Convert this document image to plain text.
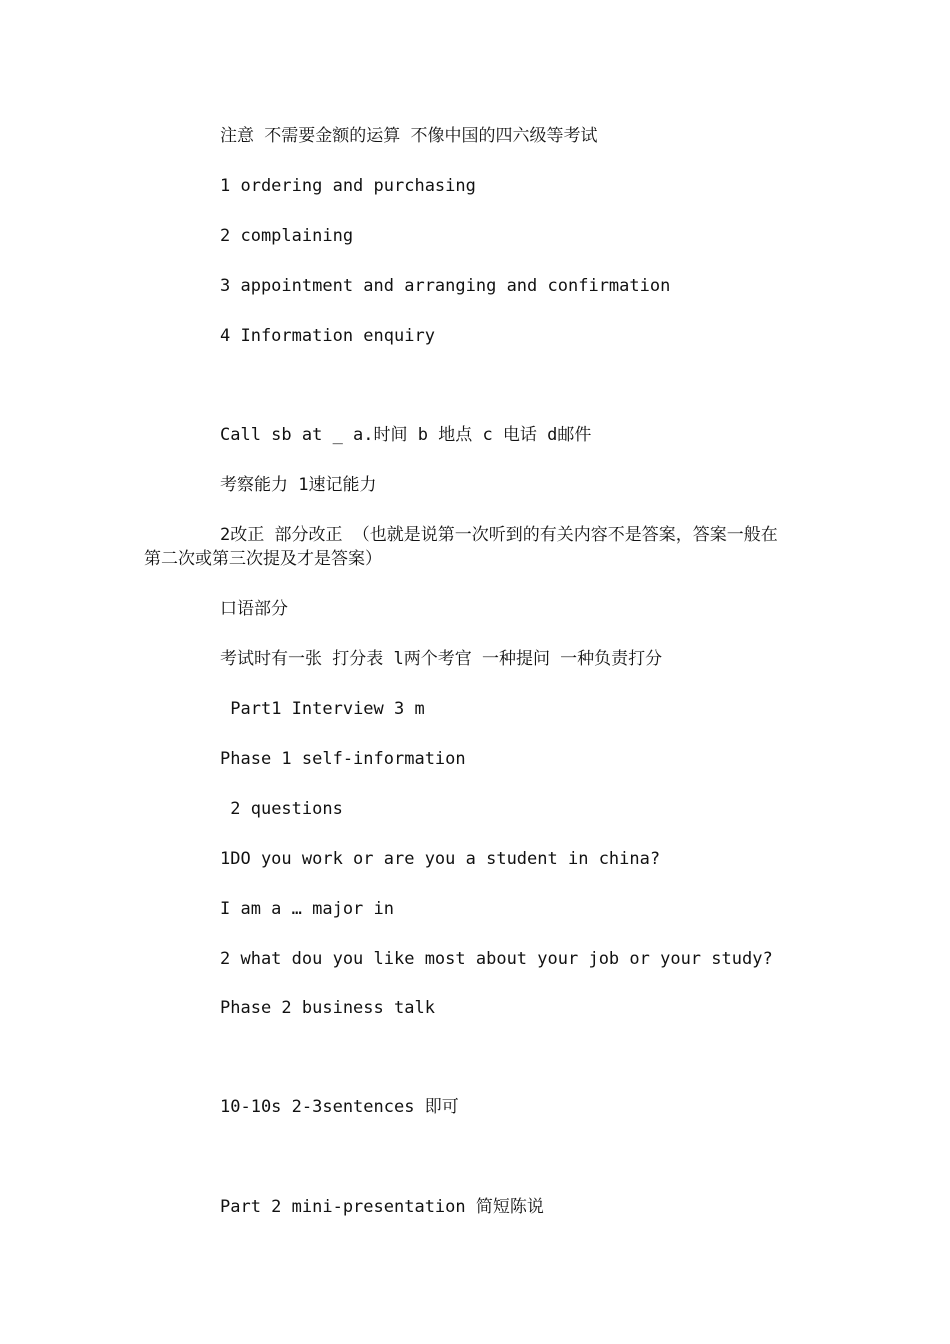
注意 不需要金额的运算 不像中国的四六级等考试

1 ordering and purchasing

2 complaining

3 appointment and arranging and confirmation

4 Information enquiry

Call sb at _ a.时间 b 地点 c 电话 d邮件

考察能力 1速记能力

2改正 部分改正 （也就是说第一次听到的有关内容不是答案，答案一般在第二次或第三次提及才是答案）

口语部分

考试时有一张 打分表 l两个考官 一种提问 一种负责打分

Part1 Interview 3 m

Phase 1 self-information

2 questions

1DO you work or are you a student in china?

I am a … major in

2 what dou you like most about your job or your study?

Phase 2 business talk

10-10s 2-3sentences 即可

Part 2 mini-presentation 简短陈说
